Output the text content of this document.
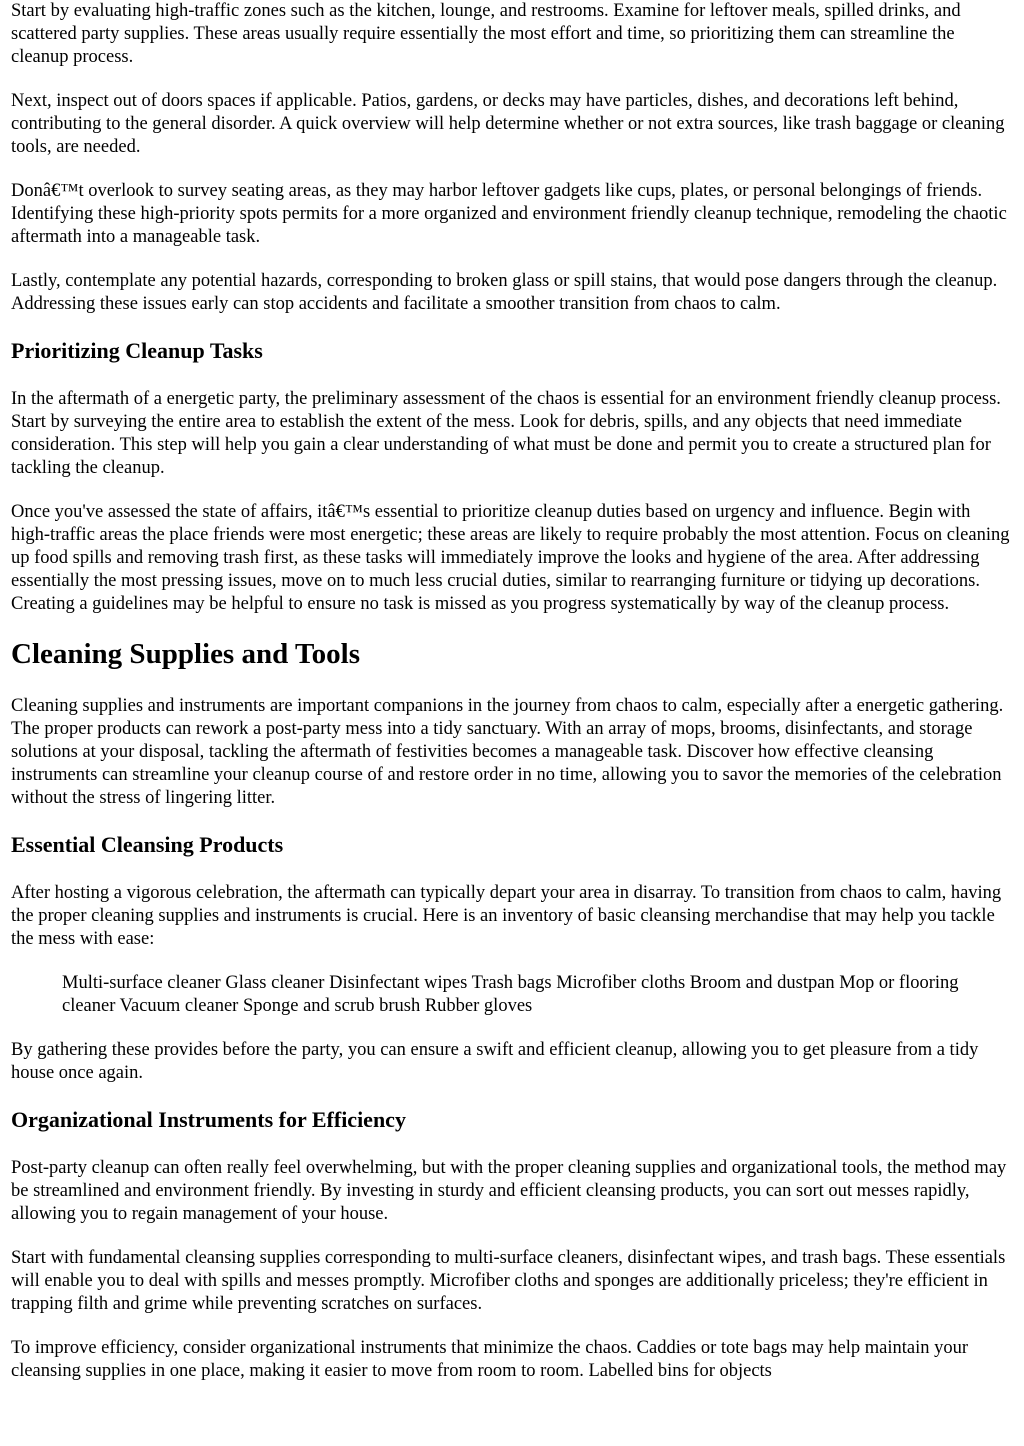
Start by evaluating high-traffic zones such as the kitchen, lounge, and restrooms. Examine for leftover meals, spilled drinks, and scattered party supplies. These areas usually require essentially the most effort and time, so prioritizing them can streamline the cleanup process.

Next, inspect out of doors spaces if applicable. Patios, gardens, or decks may have particles, dishes, and decorations left behind, contributing to the general disorder. A quick overview will help determine whether or not extra sources, like trash baggage or cleaning tools, are needed.

Donâ€™t overlook to survey seating areas, as they may harbor leftover gadgets like cups, plates, or personal belongings of friends. Identifying these high-priority spots permits for a more organized and environment friendly cleanup technique, remodeling the chaotic aftermath into a manageable task.

Lastly, contemplate any potential hazards, corresponding to broken glass or spill stains, that would pose dangers through the cleanup. Addressing these issues early can stop accidents and facilitate a smoother transition from chaos to calm.

Prioritizing Cleanup Tasks

In the aftermath of a energetic party, the preliminary assessment of the chaos is essential for an environment friendly cleanup process. Start by surveying the entire area to establish the extent of the mess. Look for debris, spills, and any objects that need immediate consideration. This step will help you gain a clear understanding of what must be done and permit you to create a structured plan for tackling the cleanup.

Once you've assessed the state of affairs, itâ€™s essential to prioritize cleanup duties based on urgency and influence. Begin with high-traffic areas the place friends were most energetic; these areas are likely to require probably the most attention. Focus on cleaning up food spills and removing trash first, as these tasks will immediately improve the looks and hygiene of the area. After addressing essentially the most pressing issues, move on to much less crucial duties, similar to rearranging furniture or tidying up decorations. Creating a guidelines may be helpful to ensure no task is missed as you progress systematically by way of the cleanup process.

Cleaning Supplies and Tools

Cleaning supplies and instruments are important companions in the journey from chaos to calm, especially after a energetic gathering. The proper products can rework a post-party mess into a tidy sanctuary. With an array of mops, brooms, disinfectants, and storage solutions at your disposal, tackling the aftermath of festivities becomes a manageable task. Discover how effective cleansing instruments can streamline your cleanup course of and restore order in no time, allowing you to savor the memories of the celebration without the stress of lingering litter.

Essential Cleansing Products

After hosting a vigorous celebration, the aftermath can typically depart your area in disarray. To transition from chaos to calm, having the proper cleaning supplies and instruments is crucial. Here is an inventory of basic cleansing merchandise that may help you tackle the mess with ease:

Multi-surface cleaner Glass cleaner Disinfectant wipes Trash bags Microfiber cloths Broom and dustpan Mop or flooring cleaner Vacuum cleaner Sponge and scrub brush Rubber gloves

By gathering these provides before the party, you can ensure a swift and efficient cleanup, allowing you to get pleasure from a tidy house once again.

Organizational Instruments for Efficiency

Post-party cleanup can often really feel overwhelming, but with the proper cleaning supplies and organizational tools, the method may be streamlined and environment friendly. By investing in sturdy and efficient cleansing products, you can sort out messes rapidly, allowing you to regain management of your house.

Start with fundamental cleansing supplies corresponding to multi-surface cleaners, disinfectant wipes, and trash bags. These essentials will enable you to deal with spills and messes promptly. Microfiber cloths and sponges are additionally priceless; they're efficient in trapping filth and grime while preventing scratches on surfaces.

To improve efficiency, consider organizational instruments that minimize the chaos. Caddies or tote bags may help maintain your cleansing supplies in one place, making it easier to move from room to room. Labelled bins for objects
